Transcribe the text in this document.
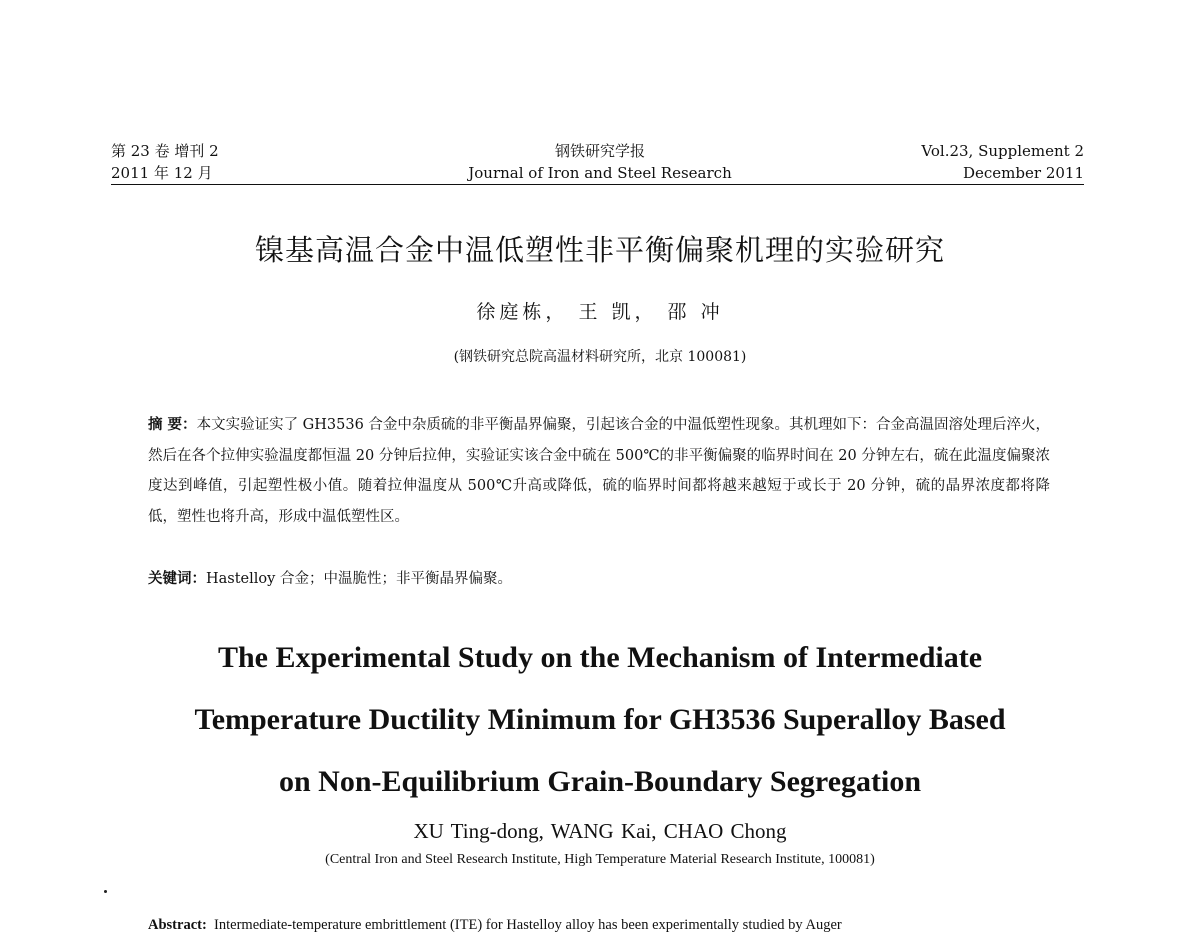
第 23 卷 增刊 2
2011 年 12 月
钢铁研究学报
Journal of Iron and Steel Research
Vol.23, Supplement 2
December 2011
镍基高温合金中温低塑性非平衡偏聚机理的实验研究
徐庭栋， 王 凯， 邵 冲
(钢铁研究总院高温材料研究所，北京 100081)
摘 要：本文实验证实了 GH3536 合金中杂质硫的非平衡晶界偏聚，引起该合金的中温低塑性现象。其机理如下：合金高温固溶处理后淬火，然后在各个拉伸实验温度都恒温 20 分钟后拉伸，实验证实该合金中硫在 500℃的非平衡偏聚的临界时间在 20 分钟左右，硫在此温度偏聚浓度达到峰值，引起塑性极小值。随着拉伸温度从 500℃升高或降低，硫的临界时间都将越来越短于或长于 20 分钟，硫的晶界浓度都将降低，塑性也将升高，形成中温低塑性区。
关键词：Hastelloy 合金；中温脆性；非平衡晶界偏聚。
The Experimental Study on the Mechanism of Intermediate
Temperature Ductility Minimum for GH3536 Superalloy Based
on Non-Equilibrium Grain-Boundary Segregation
XU Ting-dong, WANG Kai, CHAO Chong
(Central Iron and Steel Research Institute, High Temperature Material Research Institute, 100081)
Abstract: Intermediate-temperature embrittlement (ITE) for Hastelloy alloy has been experimentally studied by Auger
